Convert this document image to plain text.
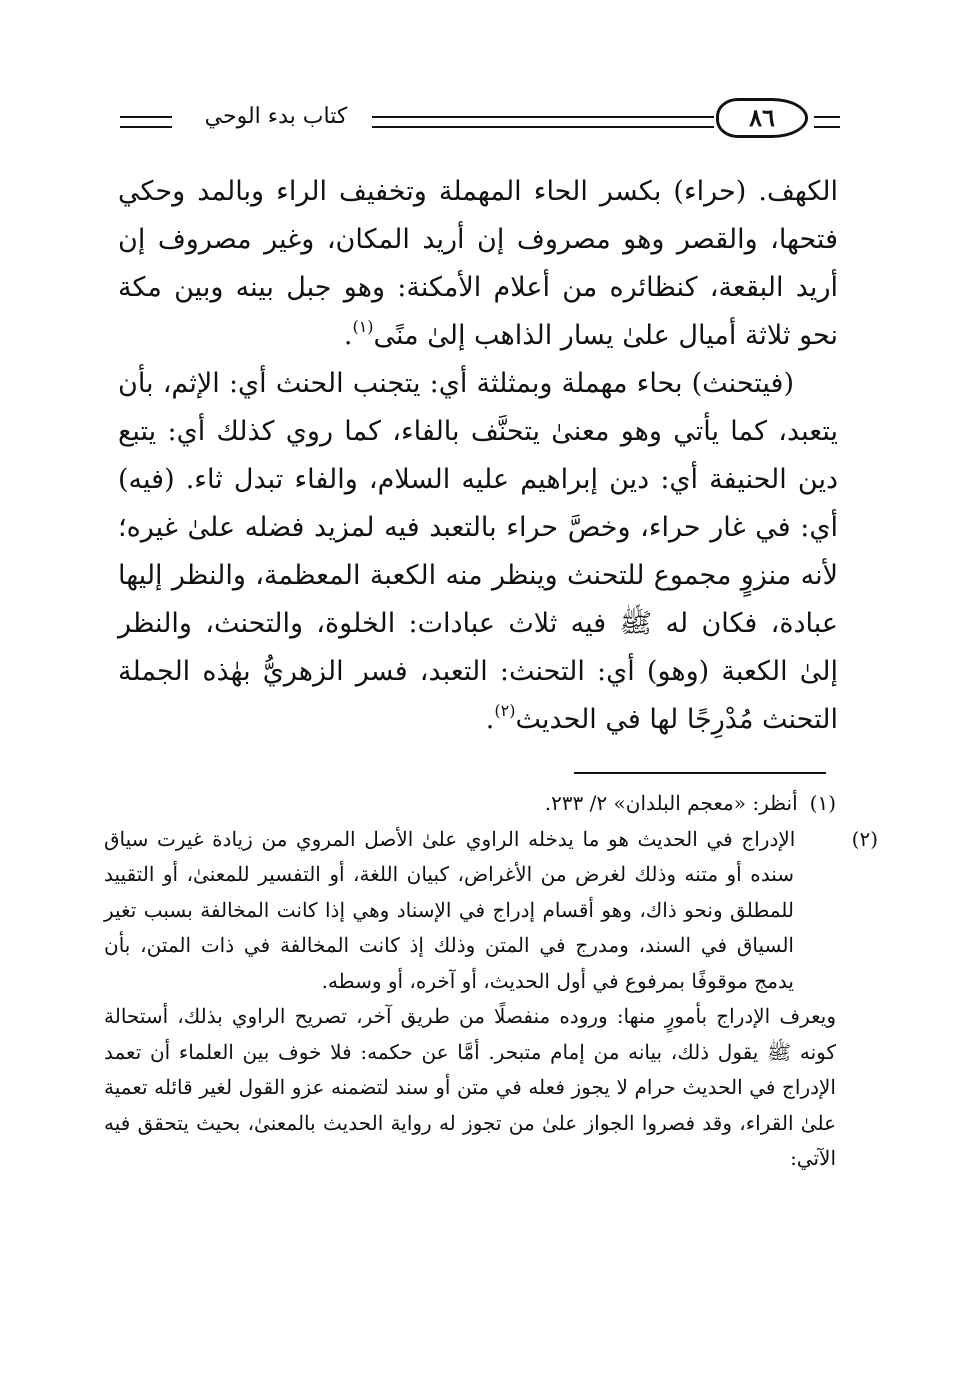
٨٦
كتاب بدء الوحي

الكهف. (حراء) بكسر الحاء المهملة وتخفيف الراء وبالمد وحكي فتحها، والقصر وهو مصروف إن أريد المكان، وغير مصروف إن أريد البقعة، كنظائره من أعلام الأمكنة: وهو جبل بينه وبين مكة نحو ثلاثة أميال علىٰ يسار الذاهب إلىٰ منًى$^{(١)}$.

(فيتحنث) بحاء مهملة وبمثلثة أي: يتجنب الحنث أي: الإثم، بأن يتعبد، كما يأتي وهو معنىٰ يتحنَّف بالفاء، كما روي كذلك أي: يتبع دين الحنيفة أي: دين إبراهيم عليه السلام، والفاء تبدل ثاء. (فيه) أي: في غار حراء، وخصَّ حراء بالتعبد فيه لمزيد فضله علىٰ غيره؛ لأنه منزوٍ مجموع للتحنث وينظر منه الكعبة المعظمة، والنظر إليها عبادة، فكان له ﷺ فيه ثلاث عبادات: الخلوة، والتحنث، والنظر إلىٰ الكعبة (وهو) أي: التحنث: التعبد، فسر الزهريُّ بهٰذه الجملة التحنث مُدْرِجًا لها في الحديث$^{(٢)}$.

(١) أنظر: «معجم البلدان» ٢/ ٢٣٣.

(٢) الإدراج في الحديث هو ما يدخله الراوي علىٰ الأصل المروي من زيادة غيرت سياق سنده أو متنه وذلك لغرض من الأغراض، كبيان اللغة، أو التفسير للمعنىٰ، أو التقييد للمطلق ونحو ذاك، وهو أقسام إدراج في الإسناد وهي إذا كانت المخالفة بسبب تغير السياق في السند، ومدرج في المتن وذلك إذ كانت المخالفة في ذات المتن، بأن يدمج موقوفًا بمرفوع في أول الحديث، أو آخره، أو وسطه.

ويعرف الإدراج بأمورٍ منها: وروده منفصلًا من طريق آخر، تصريح الراوي بذلك، أستحالة كونه ﷺ يقول ذلك، بيانه من إمام متبحر. أمَّا عن حكمه: فلا خوف بين العلماء أن تعمد الإدراج في الحديث حرام لا يجوز فعله في متن أو سند لتضمنه عزو القول لغير قائله تعمية علىٰ القراء، وقد فصروا الجواز علىٰ من تجوز له رواية الحديث بالمعنىٰ، بحيث يتحقق فيه الآتي:
